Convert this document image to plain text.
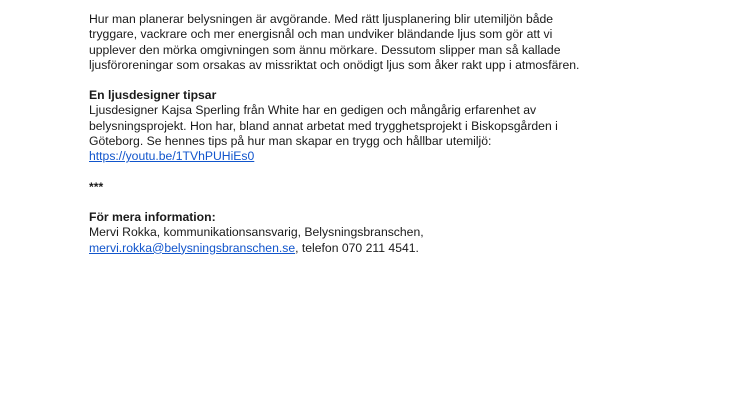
Hur man planerar belysningen är avgörande. Med rätt ljusplanering blir utemiljön både

tryggare, vackrare och mer energisnål och man undviker bländande ljus som gör att vi

upplever den mörka omgivningen som ännu mörkare. Dessutom slipper man så kallade

ljusföroreningar som orsakas av missriktat och onödigt ljus som åker rakt upp i atmosfären.

En ljusdesigner tipsar

Ljusdesigner Kajsa Sperling från White har en gedigen och mångårig erfarenhet av

belysningsprojekt. Hon har, bland annat arbetat med trygghetsprojekt i Biskopsgården i

Göteborg. Se hennes tips på hur man skapar en trygg och hållbar utemiljö:

https://youtu.be/1TVhPUHiEs0

***

För mera information:

Mervi Rokka, kommunikationsansvarig, Belysningsbranschen,

mervi.rokka@belysningsbranschen.se, telefon 070 211 4541.
